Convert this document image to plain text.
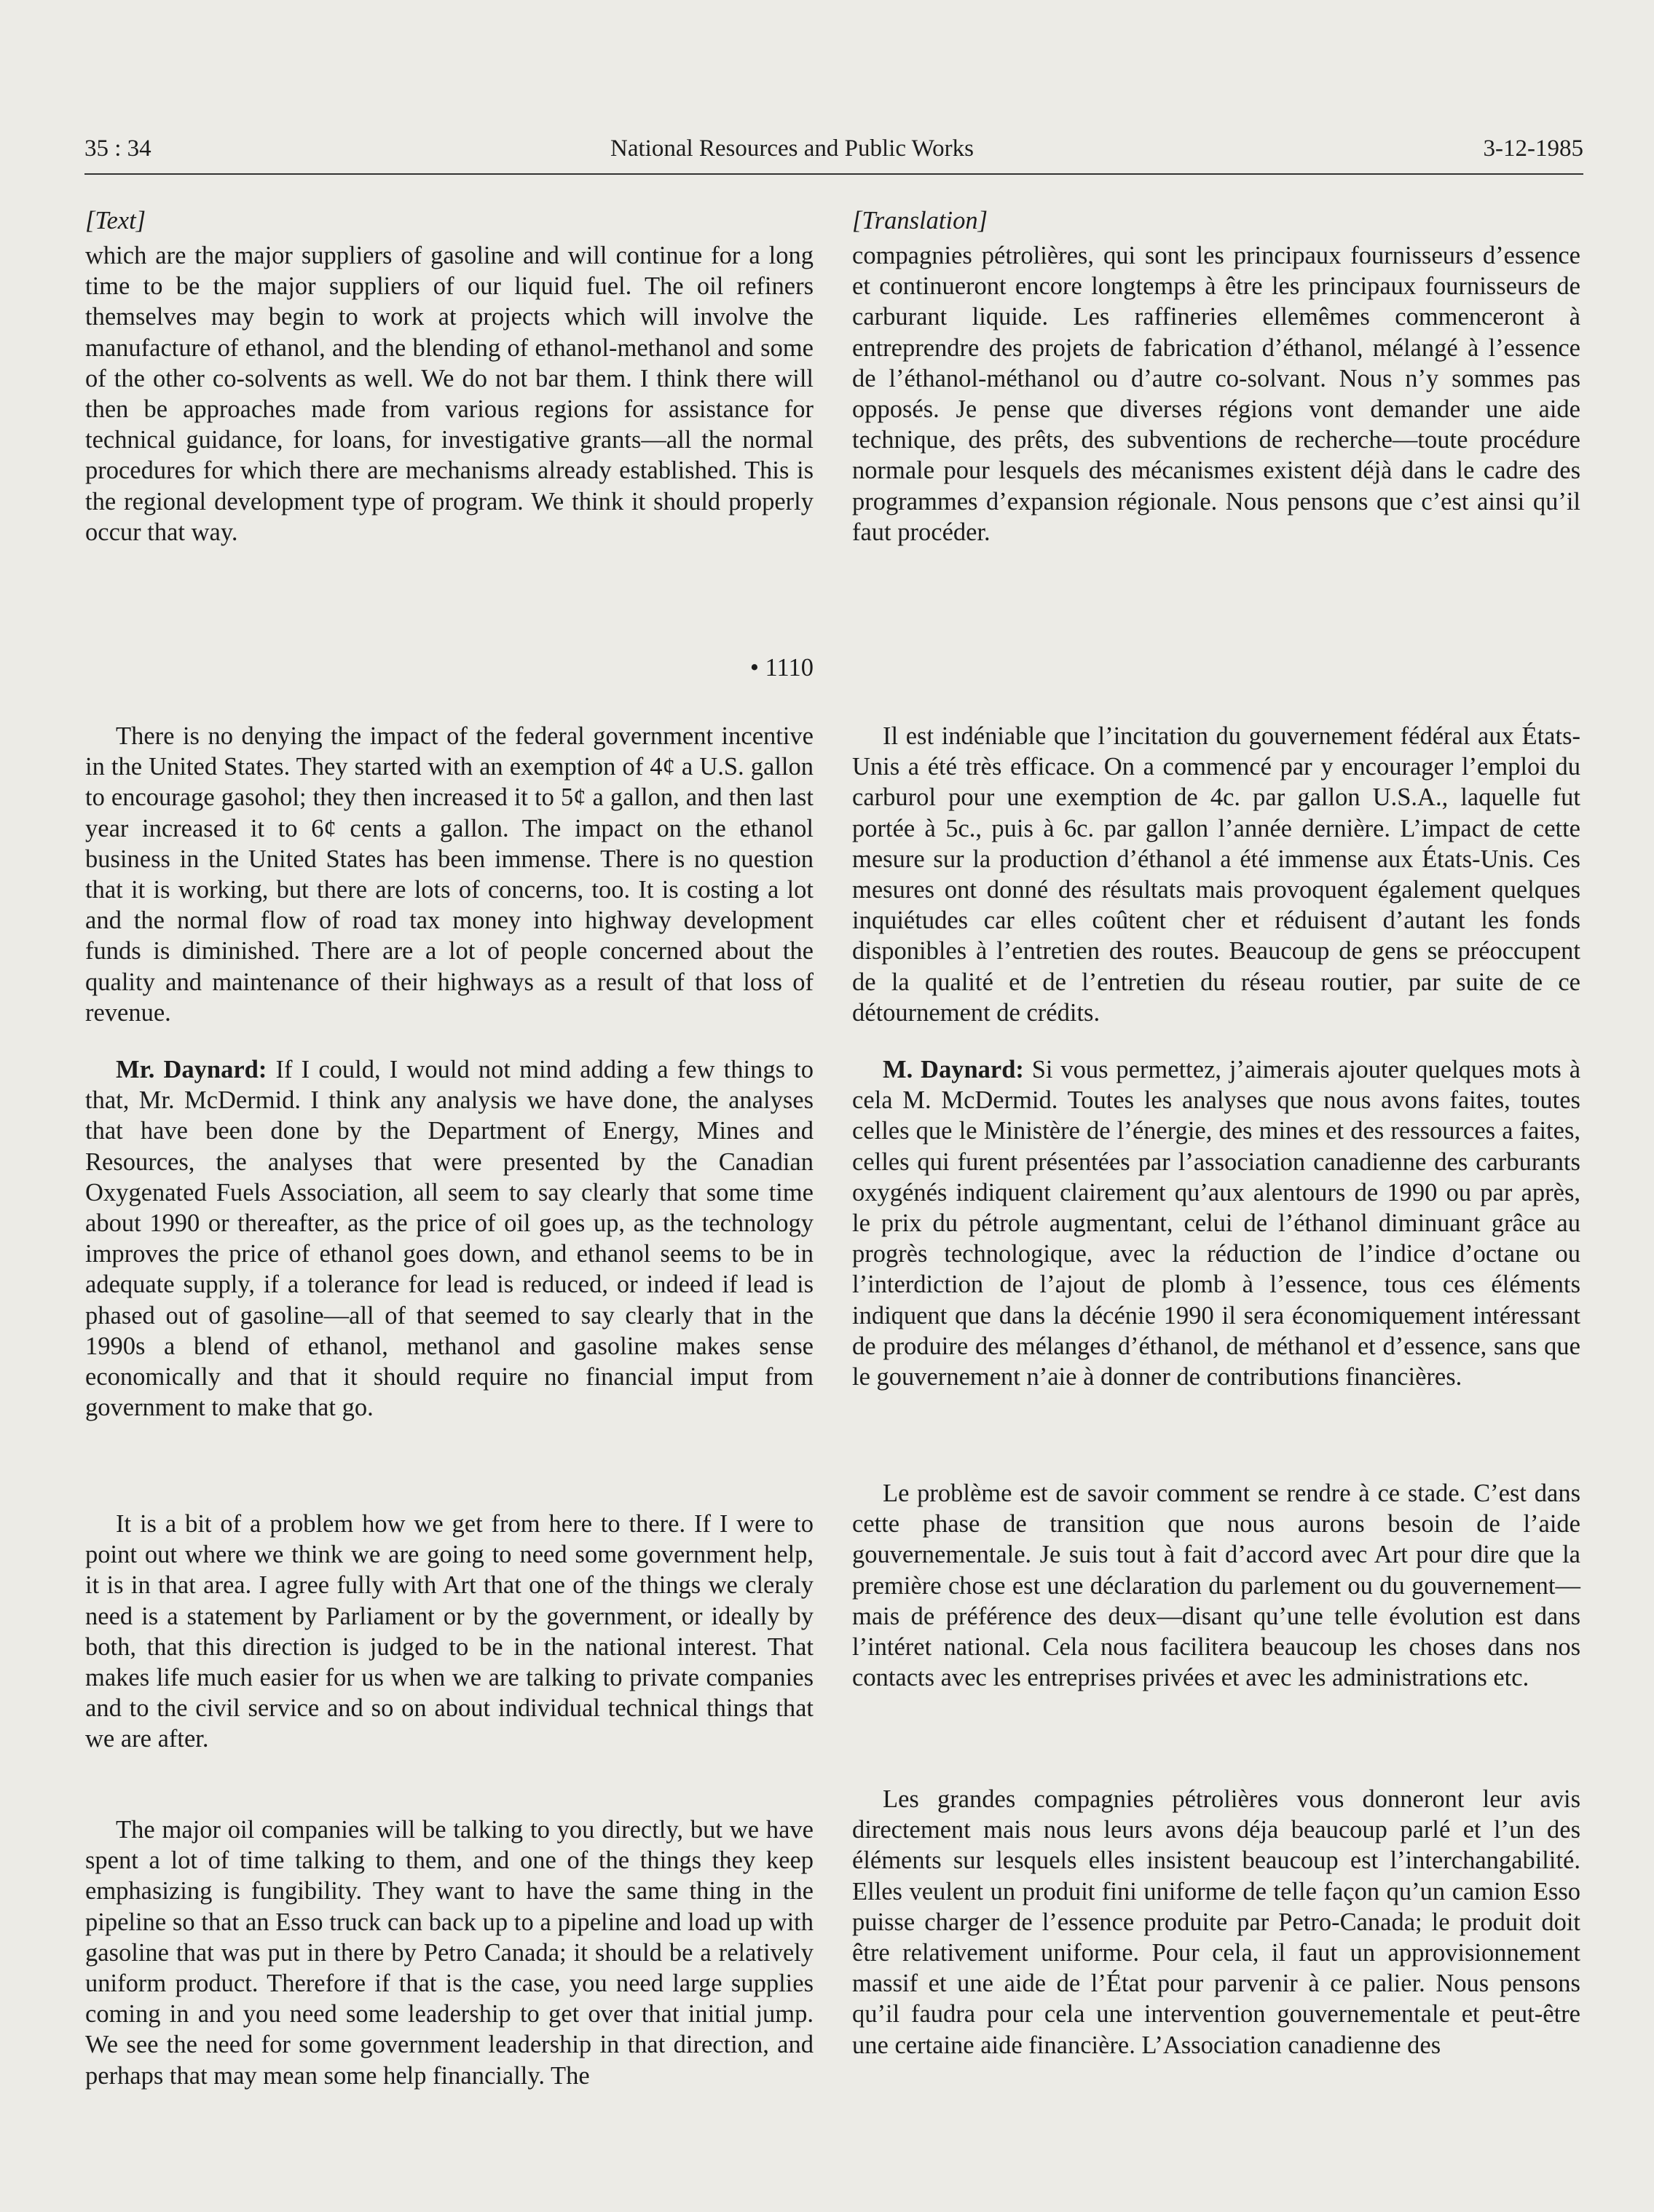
35 : 34	National Resources and Public Works	3-12-1985

[Text]

which are the major suppliers of gasoline and will continue for a long time to be the major suppliers of our liquid fuel. The oil refiners themselves may begin to work at projects which will involve the manufacture of ethanol, and the blending of ethanol-methanol and some of the other co-solvents as well. We do not bar them. I think there will then be approaches made from various regions for assistance for technical guidance, for loans, for investigative grants—all the normal procedures for which there are mechanisms already established. This is the regional development type of program. We think it should properly occur that way.

• 1110

There is no denying the impact of the federal government incentive in the United States. They started with an exemption of 4¢ a U.S. gallon to encourage gasohol; they then increased it to 5¢ a gallon, and then last year increased it to 6¢ cents a gallon. The impact on the ethanol business in the United States has been immense. There is no question that it is working, but there are lots of concerns, too. It is costing a lot and the normal flow of road tax money into highway development funds is diminished. There are a lot of people concerned about the quality and maintenance of their highways as a result of that loss of revenue.

Mr. Daynard: If I could, I would not mind adding a few things to that, Mr. McDermid. I think any analysis we have done, the analyses that have been done by the Department of Energy, Mines and Resources, the analyses that were presented by the Canadian Oxygenated Fuels Association, all seem to say clearly that some time about 1990 or thereafter, as the price of oil goes up, as the technology improves the price of ethanol goes down, and ethanol seems to be in adequate supply, if a tolerance for lead is reduced, or indeed if lead is phased out of gasoline—all of that seemed to say clearly that in the 1990s a blend of ethanol, methanol and gasoline makes sense economically and that it should require no financial imput from government to make that go.

It is a bit of a problem how we get from here to there. If I were to point out where we think we are going to need some government help, it is in that area. I agree fully with Art that one of the things we cleraly need is a statement by Parliament or by the government, or ideally by both, that this direction is judged to be in the national interest. That makes life much easier for us when we are talking to private companies and to the civil service and so on about individual technical things that we are after.

The major oil companies will be talking to you directly, but we have spent a lot of time talking to them, and one of the things they keep emphasizing is fungibility. They want to have the same thing in the pipeline so that an Esso truck can back up to a pipeline and load up with gasoline that was put in there by Petro Canada; it should be a relatively uniform product. Therefore if that is the case, you need large supplies coming in and you need some leadership to get over that initial jump. We see the need for some government leadership in that direction, and perhaps that may mean some help financially. The

[Translation]

compagnies pétrolières, qui sont les principaux fournisseurs d’essence et continueront encore longtemps à être les principaux fournisseurs de carburant liquide. Les raffineries ellemêmes commenceront à entreprendre des projets de fabrication d’éthanol, mélangé à l’essence de l’éthanol-méthanol ou d’autre co-solvant. Nous n’y sommes pas opposés. Je pense que diverses régions vont demander une aide technique, des prêts, des subventions de recherche—toute procédure normale pour lesquels des mécanismes existent déjà dans le cadre des programmes d’expansion régionale. Nous pensons que c’est ainsi qu’il faut procéder.

Il est indéniable que l’incitation du gouvernement fédéral aux États-Unis a été très efficace. On a commencé par y encourager l’emploi du carburol pour une exemption de 4c. par gallon U.S.A., laquelle fut portée à 5c., puis à 6c. par gallon l’année dernière. L’impact de cette mesure sur la production d’éthanol a été immense aux États-Unis. Ces mesures ont donné des résultats mais provoquent également quelques inquiétudes car elles coûtent cher et réduisent d’autant les fonds disponibles à l’entretien des routes. Beaucoup de gens se préoccupent de la qualité et de l’entretien du réseau routier, par suite de ce détournement de crédits.

M. Daynard: Si vous permettez, j’aimerais ajouter quelques mots à cela M. McDermid. Toutes les analyses que nous avons faites, toutes celles que le Ministère de l’énergie, des mines et des ressources a faites, celles qui furent présentées par l’association canadienne des carburants oxygénés indiquent clairement qu’aux alentours de 1990 ou par après, le prix du pétrole augmentant, celui de l’éthanol diminuant grâce au progrès technologique, avec la réduction de l’indice d’octane ou l’interdiction de l’ajout de plomb à l’essence, tous ces éléments indiquent que dans la décénie 1990 il sera économiquement intéressant de produire des mélanges d’éthanol, de méthanol et d’essence, sans que le gouvernement n’aie à donner de contributions financières.

Le problème est de savoir comment se rendre à ce stade. C’est dans cette phase de transition que nous aurons besoin de l’aide gouvernementale. Je suis tout à fait d’accord avec Art pour dire que la première chose est une déclaration du parlement ou du gouvernement—mais de préférence des deux—disant qu’une telle évolution est dans l’intéret national. Cela nous facilitera beaucoup les choses dans nos contacts avec les entreprises privées et avec les administrations etc.

Les grandes compagnies pétrolières vous donneront leur avis directement mais nous leurs avons déja beaucoup parlé et l’un des éléments sur lesquels elles insistent beaucoup est l’interchangabilité. Elles veulent un produit fini uniforme de telle façon qu’un camion Esso puisse charger de l’essence produite par Petro-Canada; le produit doit être relativement uniforme. Pour cela, il faut un approvisionnement massif et une aide de l’État pour parvenir à ce palier. Nous pensons qu’il faudra pour cela une intervention gouvernementale et peut-être une certaine aide financière. L’Association canadienne des
